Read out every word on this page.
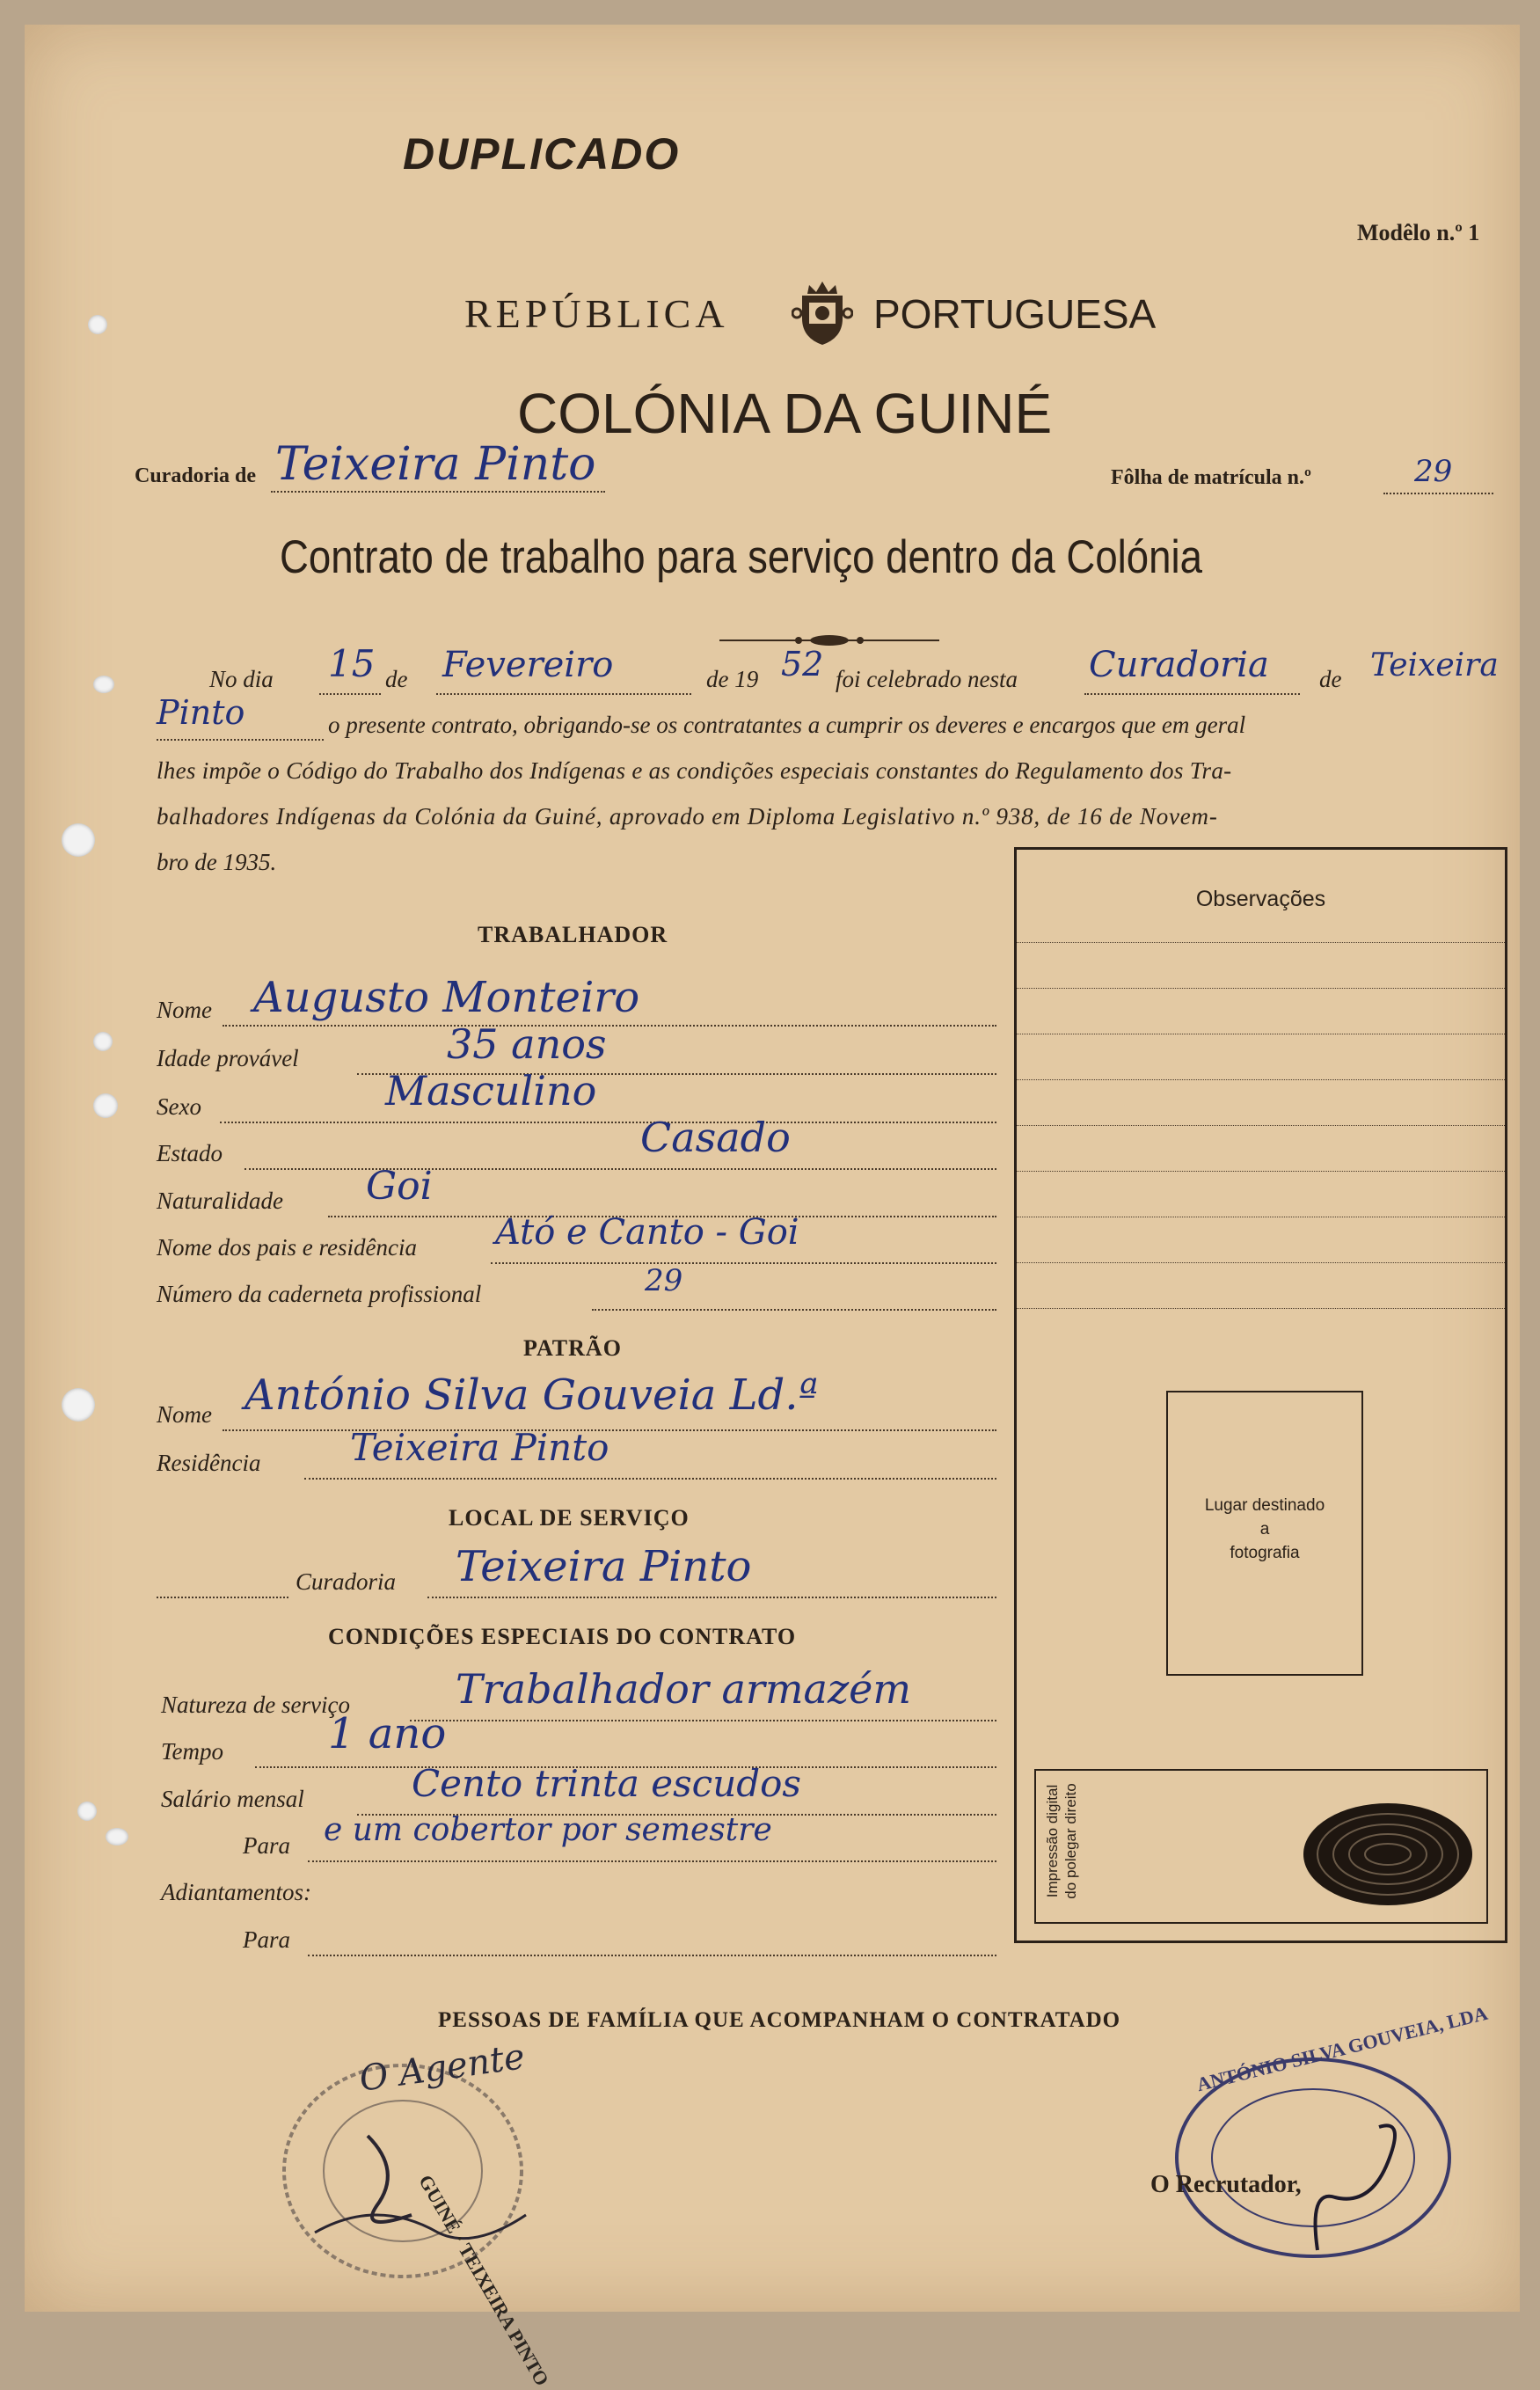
DUPLICADO
Modêlo n.º 1
REPÚBLICA	PORTUGUESA
COLÓNIA DA GUINÉ
Curadoria de Teixeira Pinto	Fôlha de matrícula n.º	29
Contrato de trabalho para serviço dentro da Colónia
No dia 15 de Fevereiro	de 19 52 foi celebrado nesta Curadoria de Teixeira
Pinto	o presente contrato, obrigando-se os contratantes a cumprir os deveres e encargos que em geral
lhes impõe o Código do Trabalho dos Indígenas e as condições especiais constantes do Regulamento dos Tra-
balhadores Indígenas da Colónia da Guiné, aprovado em Diploma Legislativo n.º 938, de 16 de Novem-
bro de 1935.
Observações
Lugar destinado
a
fotografia
Impressão digital do polegar direito
TRABALHADOR
Nome Augusto Monteiro
Idade provável	35 anos
Sexo	Masculino
Estado	Casado
Naturalidade Goi
Nome dos pais e residência Ató e Canto - Goi
Número da caderneta profissional	29
PATRÃO
Nome António Silva Gouveia Ld.ª
Residência Teixeira Pinto
LOCAL DE SERVIÇO
Curadoria Teixeira Pinto
CONDIÇÕES ESPECIAIS DO CONTRATO
Natureza de serviço	Trabalhador armazém
Tempo 1 ano
Salário mensal	Cento trinta escudos
Para e um cobertor por semestre
Adiantamentos:
Para
PESSOAS DE FAMÍLIA QUE ACOMPANHAM O CONTRATADO
O Agente
GUINÉ · TEIXEIRA PINTO
ANTÓNIO SILVA GOUVEIA, LDA
O Recrutador,
